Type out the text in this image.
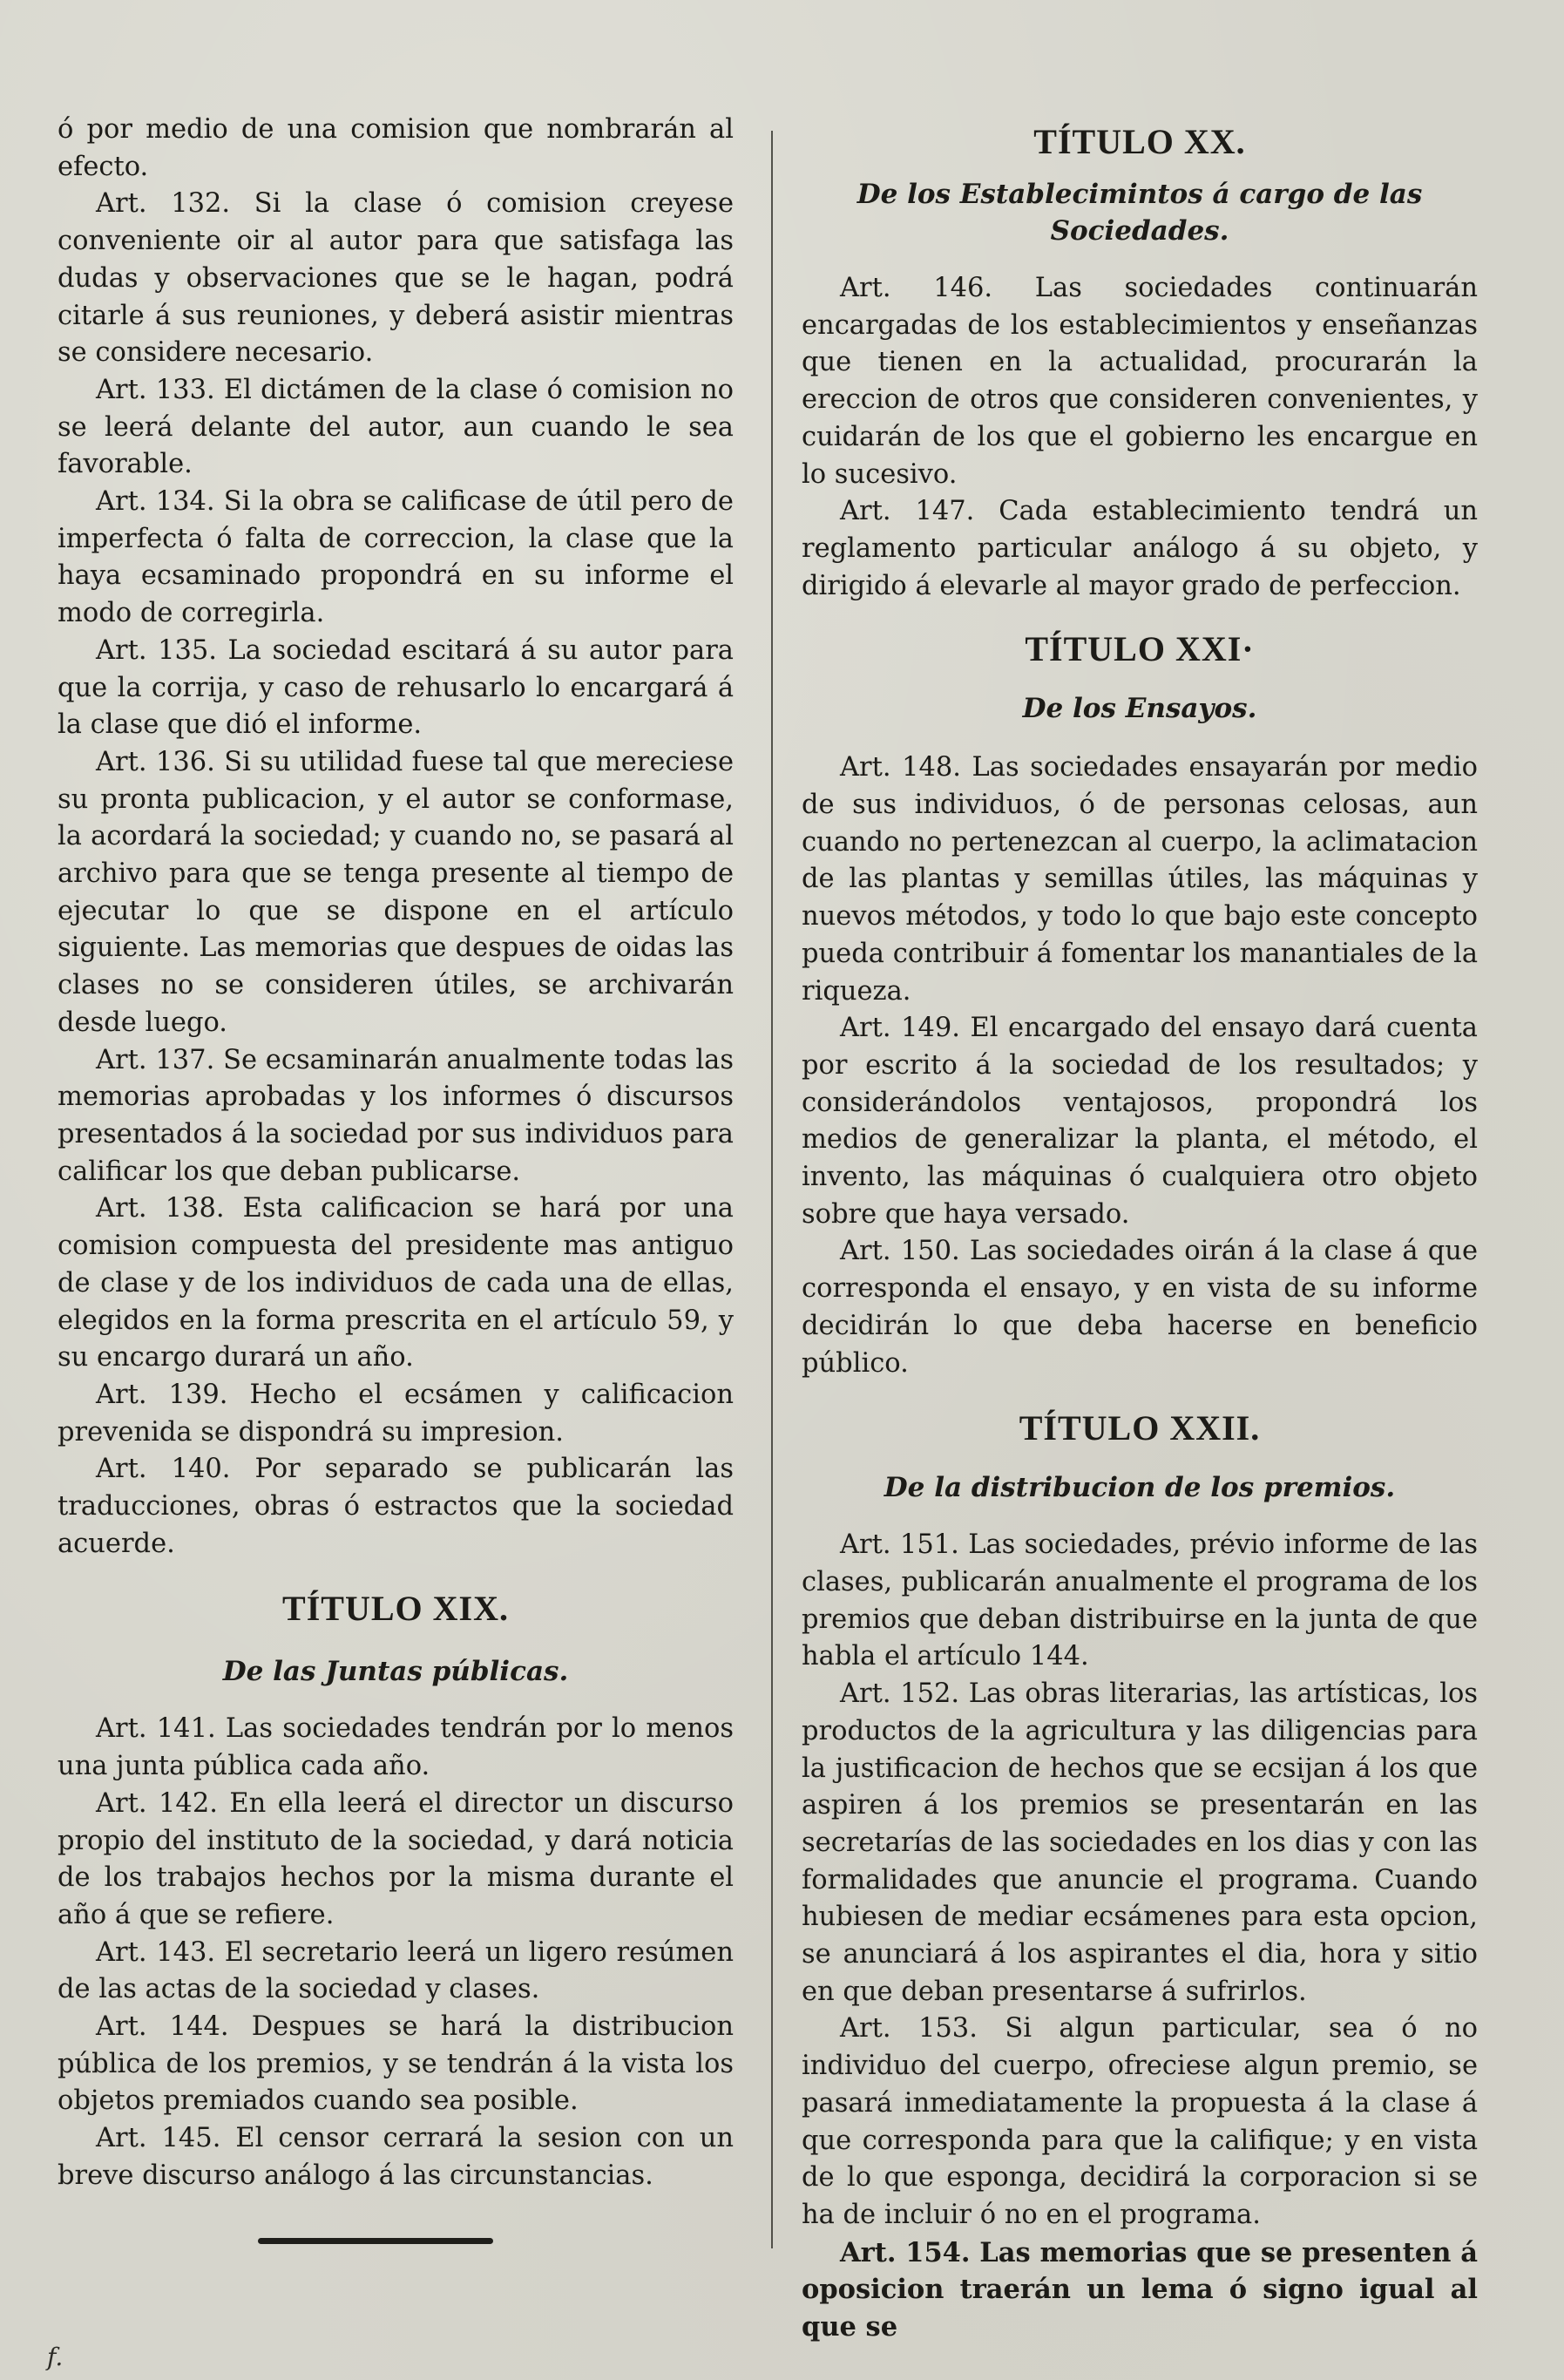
ó por medio de una comision que nombrarán al efecto.

Art. 132. Si la clase ó comision creyese conveniente oir al autor para que satisfaga las dudas y observaciones que se le hagan, podrá citarle á sus reuniones, y deberá asistir mientras se considere necesario.

Art. 133. El dictámen de la clase ó comision no se leerá delante del autor, aun cuando le sea favorable.

Art. 134. Si la obra se calificase de útil pero de imperfecta ó falta de correccion, la clase que la haya ecsaminado propondrá en su informe el modo de corregirla.

Art. 135. La sociedad escitará á su autor para que la corrija, y caso de rehusarlo lo encargará á la clase que dió el informe.

Art. 136. Si su utilidad fuese tal que mereciese su pronta publicacion, y el autor se conformase, la acordará la sociedad; y cuando no, se pasará al archivo para que se tenga presente al tiempo de ejecutar lo que se dispone en el artículo siguiente. Las memorias que despues de oidas las clases no se consideren útiles, se archivarán desde luego.

Art. 137. Se ecsaminarán anualmente todas las memorias aprobadas y los informes ó discursos presentados á la sociedad por sus individuos para calificar los que deban publicarse.

Art. 138. Esta calificacion se hará por una comision compuesta del presidente mas antiguo de clase y de los individuos de cada una de ellas, elegidos en la forma prescrita en el artículo 59, y su encargo durará un año.

Art. 139. Hecho el ecsámen y calificacion prevenida se dispondrá su impresion.

Art. 140. Por separado se publicarán las traducciones, obras ó estractos que la sociedad acuerde.

TÍTULO XIX.
De las Juntas públicas.

Art. 141. Las sociedades tendrán por lo menos una junta pública cada año.

Art. 142. En ella leerá el director un discurso propio del instituto de la sociedad, y dará noticia de los trabajos hechos por la misma durante el año á que se refiere.

Art. 143. El secretario leerá un ligero resúmen de las actas de la sociedad y clases.

Art. 144. Despues se hará la distribucion pública de los premios, y se tendrán á la vista los objetos premiados cuando sea posible.

Art. 145. El censor cerrará la sesion con un breve discurso análogo á las circunstancias.

TÍTULO XX.
De los Establecimintos á cargo de las Sociedades.

Art. 146. Las sociedades continuarán encargadas de los establecimientos y enseñanzas que tienen en la actualidad, procurarán la ereccion de otros que consideren convenientes, y cuidarán de los que el gobierno les encargue en lo sucesivo.

Art. 147. Cada establecimiento tendrá un reglamento particular análogo á su objeto, y dirigido á elevarle al mayor grado de perfeccion.

TÍTULO XXI·
De los Ensayos.

Art. 148. Las sociedades ensayarán por medio de sus individuos, ó de personas celosas, aun cuando no pertenezcan al cuerpo, la aclimatacion de las plantas y semillas útiles, las máquinas y nuevos métodos, y todo lo que bajo este concepto pueda contribuir á fomentar los manantiales de la riqueza.

Art. 149. El encargado del ensayo dará cuenta por escrito á la sociedad de los resultados; y considerándolos ventajosos, propondrá los medios de generalizar la planta, el método, el invento, las máquinas ó cualquiera otro objeto sobre que haya versado.

Art. 150. Las sociedades oirán á la clase á que corresponda el ensayo, y en vista de su informe decidirán lo que deba hacerse en beneficio público.

TÍTULO XXII.
De la distribucion de los premios.

Art. 151. Las sociedades, prévio informe de las clases, publicarán anualmente el programa de los premios que deban distribuirse en la junta de que habla el artículo 144.

Art. 152. Las obras literarias, las artísticas, los productos de la agricultura y las diligencias para la justificacion de hechos que se ecsijan á los que aspiren á los premios se presentarán en las secretarías de las sociedades en los dias y con las formalidades que anuncie el programa. Cuando hubiesen de mediar ecsámenes para esta opcion, se anunciará á los aspirantes el dia, hora y sitio en que deban presentarse á sufrirlos.

Art. 153. Si algun particular, sea ó no individuo del cuerpo, ofreciese algun premio, se pasará inmediatamente la propuesta á la clase á que corresponda para que la califique; y en vista de lo que esponga, decidirá la corporacion si se ha de incluir ó no en el programa.

Art. 154. Las memorias que se presenten á oposicion traerán un lema ó signo igual al que se

f.
